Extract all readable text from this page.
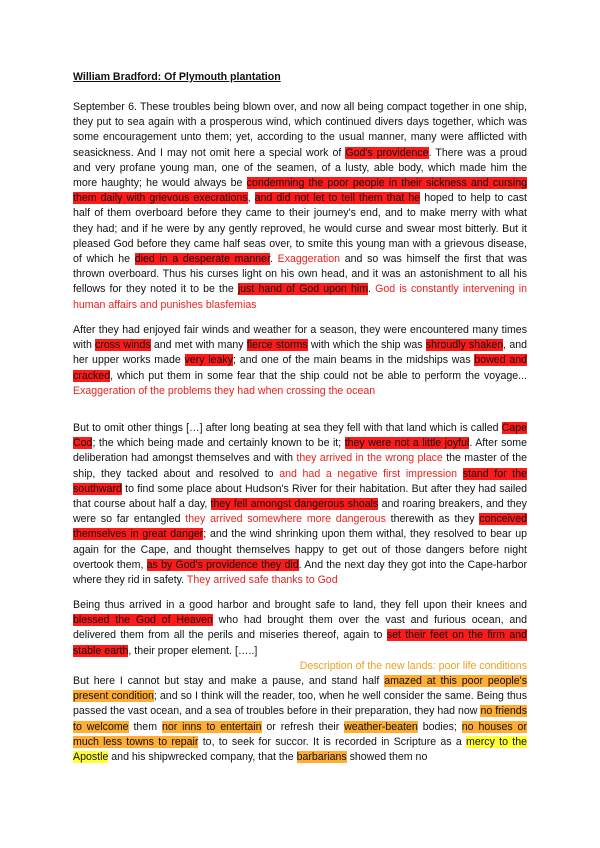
William Bradford: Of Plymouth plantation

September 6. These troubles being blown over, and now all being compact together in one ship, they put to sea again with a prosperous wind, which continued divers days together, which was some encouragement unto them; yet, according to the usual manner, many were afflicted with seasickness. And I may not omit here a special work of God's providence. There was a proud and very profane young man, one of the seamen, of a lusty, able body, which made him the more haughty; he would always be condemning the poor people in their sickness and cursing them daily with grievous execrations, and did not let to tell them that he hoped to help to cast half of them overboard before they came to their journey's end, and to make merry with what they had; and if he were by any gently reproved, he would curse and swear most bitterly. But it pleased God before they came half seas over, to smite this young man with a grievous disease, of which he died in a desperate manner. Exaggeration and so was himself the first that was thrown overboard. Thus his curses light on his own head, and it was an astonishment to all his fellows for they noted it to be the just hand of God upon him. God is constantly intervening in human affairs and punishes blasfemias

After they had enjoyed fair winds and weather for a season, they were encountered many times with cross winds and met with many fierce storms with which the ship was shroudly shaken, and her upper works made very leaky; and one of the main beams in the midships was bowed and cracked, which put them in some fear that the ship could not be able to perform the voyage... Exaggeration of the problems they had when crossing the ocean

But to omit other things […] after long beating at sea they fell with that land which is called Cape Cod; the which being made and certainly known to be it; they were not a little joyful. After some deliberation had amongst themselves and with they arrived in the wrong place the master of the ship, they tacked about and resolved to and had a negative first impression stand for the southward to find some place about Hudson's River for their habitation. But after they had sailed that course about half a day, they fell amongst dangerous shoals and roaring breakers, and they were so far entangled they arrived somewhere more dangerous therewith as they conceived themselves in great danger; and the wind shrinking upon them withal, they resolved to bear up again for the Cape, and thought themselves happy to get out of those dangers before night overtook them, as by God's providence they did. And the next day they got into the Cape-harbor where they rid in safety. They arrived safe thanks to God

Being thus arrived in a good harbor and brought safe to land, they fell upon their knees and blessed the God of Heaven who had brought them over the vast and furious ocean, and delivered them from all the perils and miseries thereof, again to set their feet on the firm and stable earth, their proper element. […..]

Description of the new lands: poor life conditions

But here I cannot but stay and make a pause, and stand half amazed at this poor people's present condition; and so I think will the reader, too, when he well consider the same. Being thus passed the vast ocean, and a sea of troubles before in their preparation, they had now no friends to welcome them nor inns to entertain or refresh their weather-beaten bodies; no houses or much less towns to repair to, to seek for succor. It is recorded in Scripture as a mercy to the Apostle and his shipwrecked company, that the barbarians showed them no
